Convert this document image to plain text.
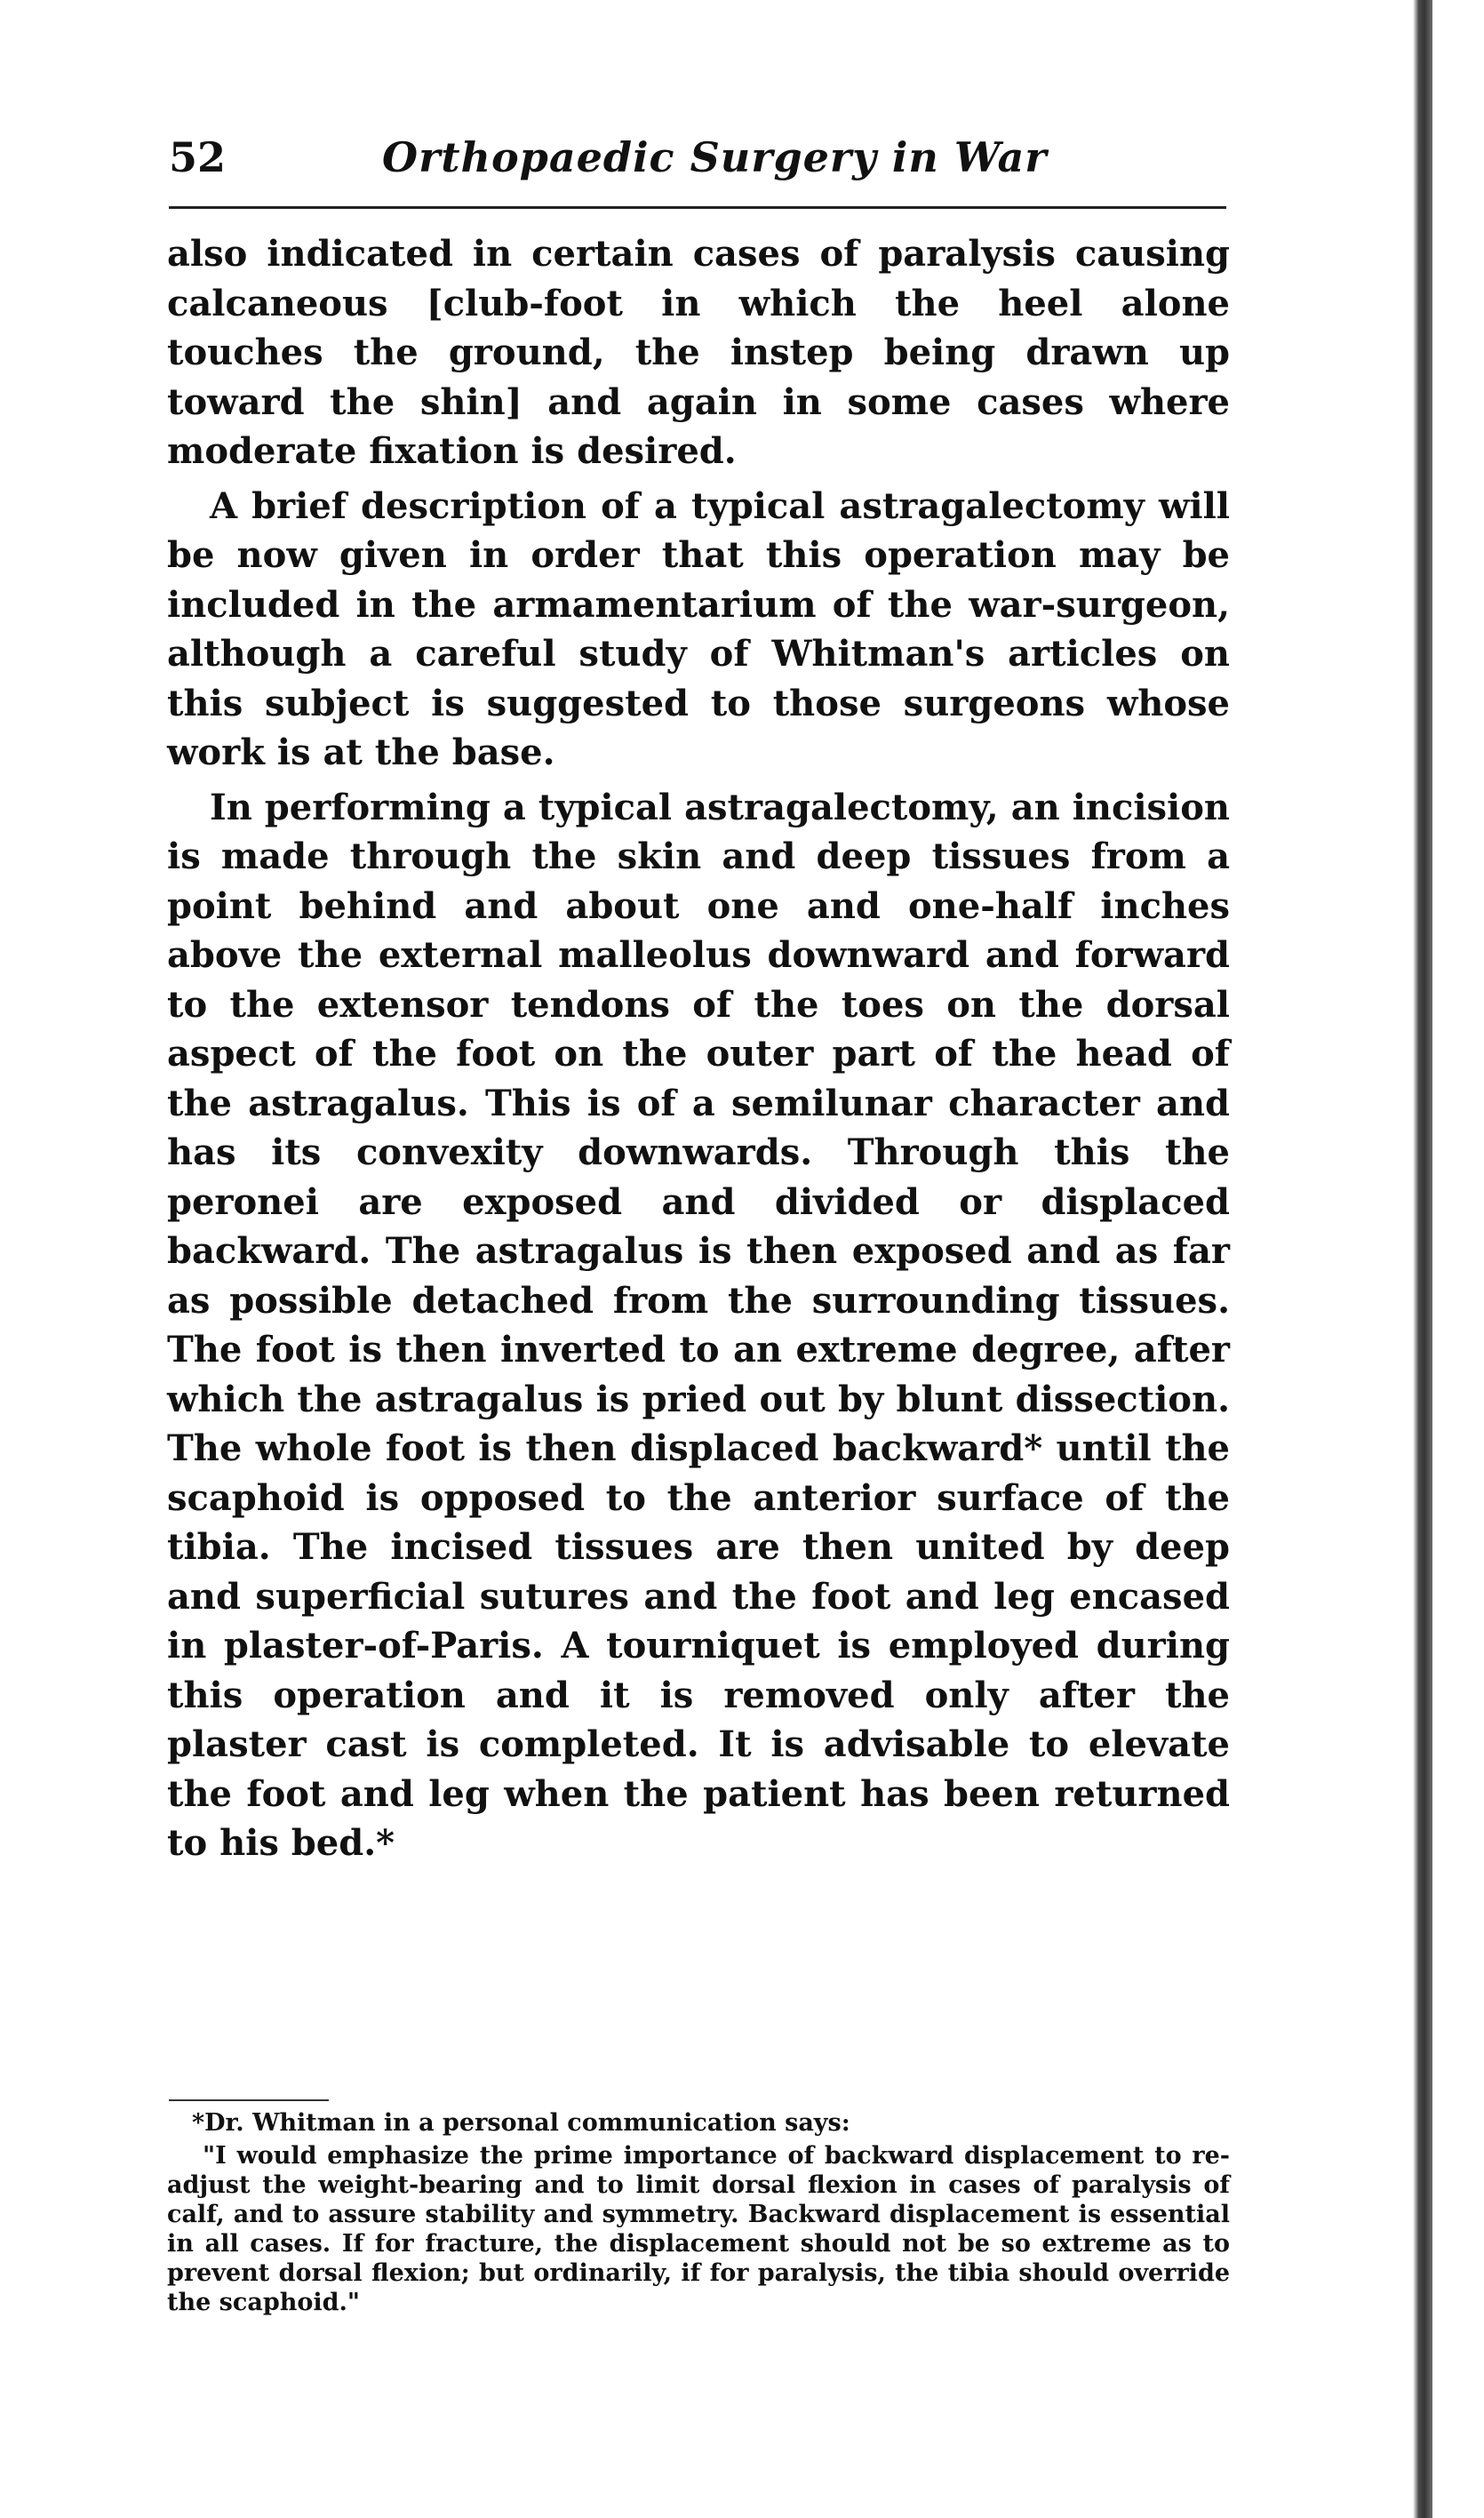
52	Orthopaedic Surgery in War

also indicated in certain cases of paralysis causing calcaneous [club-foot in which the heel alone touches the ground, the instep being drawn up toward the shin] and again in some cases where moderate fixation is desired.

A brief description of a typical astragalectomy will be now given in order that this operation may be included in the armamentarium of the war-surgeon, although a careful study of Whitman's articles on this subject is suggested to those surgeons whose work is at the base.

In performing a typical astragalectomy, an incision is made through the skin and deep tissues from a point behind and about one and one-half inches above the external malleolus downward and forward to the extensor tendons of the toes on the dorsal aspect of the foot on the outer part of the head of the astragalus. This is of a semilunar character and has its convexity downwards. Through this the peronei are exposed and divided or displaced backward. The astragalus is then exposed and as far as possible detached from the surrounding tissues. The foot is then inverted to an extreme degree, after which the astragalus is pried out by blunt dissection. The whole foot is then displaced backward* until the scaphoid is opposed to the anterior surface of the tibia. The incised tissues are then united by deep and superficial sutures and the foot and leg encased in plaster-of-Paris. A tourniquet is employed during this operation and it is removed only after the plaster cast is completed. It is advisable to elevate the foot and leg when the patient has been returned to his bed.*

*Dr. Whitman in a personal communication says:

"I would emphasize the prime importance of backward displacement to re-adjust the weight-bearing and to limit dorsal flexion in cases of paralysis of calf, and to assure stability and symmetry. Backward displacement is essential in all cases. If for fracture, the displacement should not be so extreme as to prevent dorsal flexion; but ordinarily, if for paralysis, the tibia should override the scaphoid."
